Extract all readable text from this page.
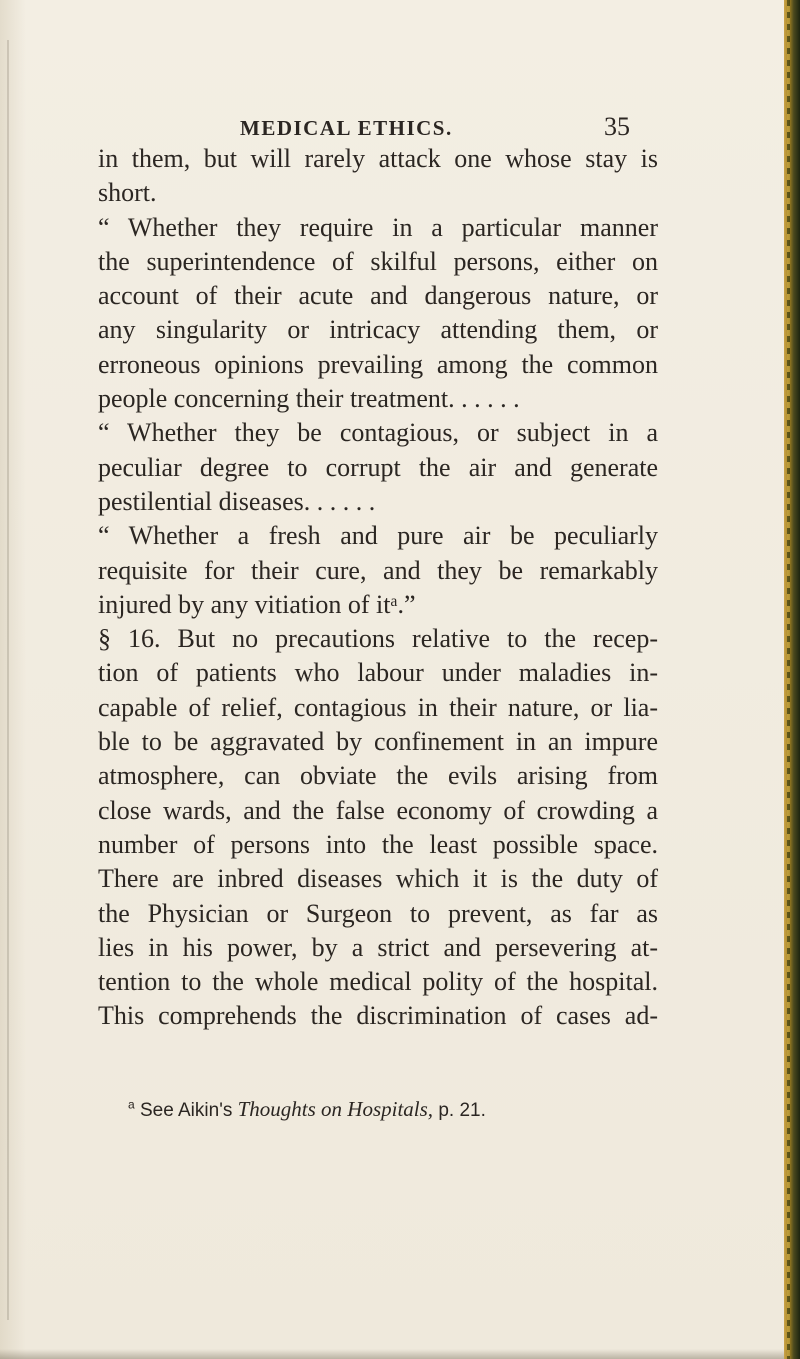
MEDICAL ETHICS.	35
in them, but will rarely attack one whose stay is
short.
“ Whether they require in a particular manner
the superintendence of skilful persons, either on
account of their acute and dangerous nature, or
any singularity or intricacy attending them, or
erroneous opinions prevailing among the common
people concerning their treatment. . . . . .
“ Whether they be contagious, or subject in a
peculiar degree to corrupt the air and generate
pestilential diseases. . . . . .
“ Whether a fresh and pure air be peculiarly
requisite for their cure, and they be remarkably
injured by any vitiation of itᵃ.”
§ 16. But no precautions relative to the recep-
tion of patients who labour under maladies in-
capable of relief, contagious in their nature, or lia-
ble to be aggravated by confinement in an impure
atmosphere, can obviate the evils arising from
close wards, and the false economy of crowding a
number of persons into the least possible space.
There are inbred diseases which it is the duty of
the Physician or Surgeon to prevent, as far as
lies in his power, by a strict and persevering at-
tention to the whole medical polity of the hospital.
This comprehends the discrimination of cases ad-
$^a$ See Aikin's Thoughts on Hospitals, p. 21.
